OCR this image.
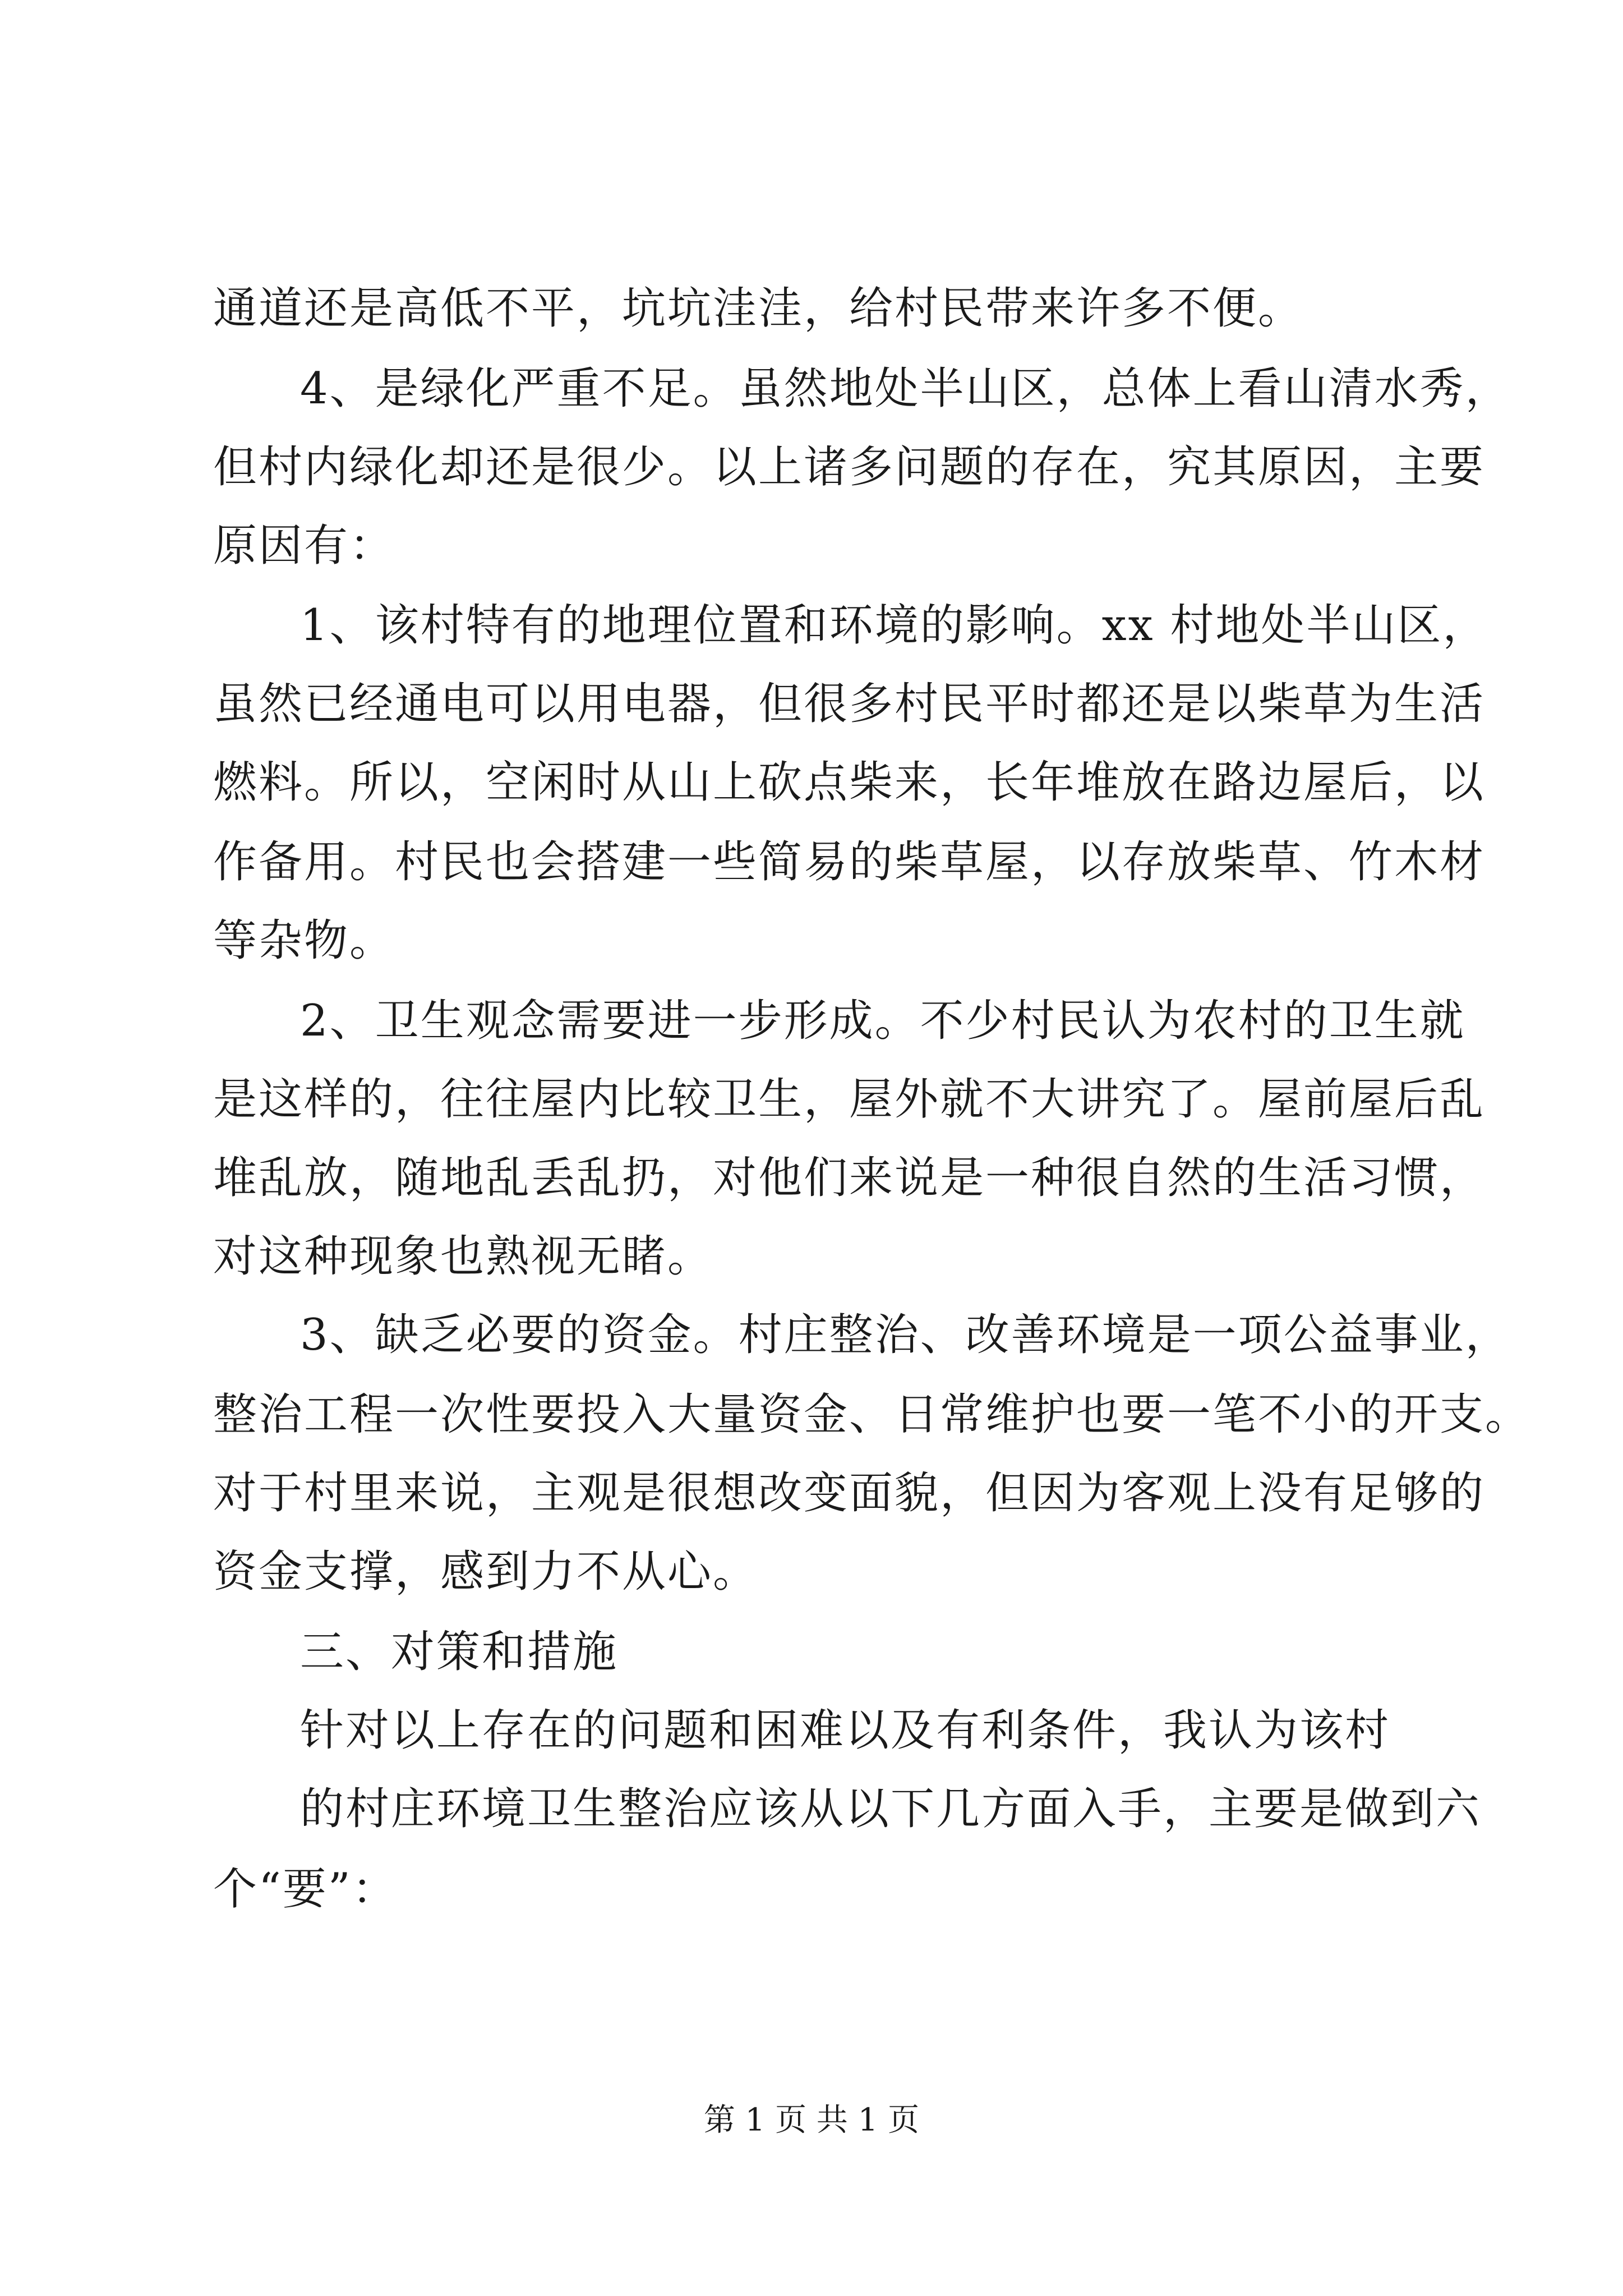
通道还是高低不平，坑坑洼洼，给村民带来许多不便。
4、是绿化严重不足。虽然地处半山区，总体上看山清水秀，
但村内绿化却还是很少。以上诸多问题的存在，究其原因，主要
原因有：
1、该村特有的地理位置和环境的影响。xx 村地处半山区，
虽然已经通电可以用电器，但很多村民平时都还是以柴草为生活
燃料。所以，空闲时从山上砍点柴来，长年堆放在路边屋后，以
作备用。村民也会搭建一些简易的柴草屋，以存放柴草、竹木材
等杂物。
2、卫生观念需要进一步形成。不少村民认为农村的卫生就
是这样的，往往屋内比较卫生，屋外就不大讲究了。屋前屋后乱
堆乱放，随地乱丢乱扔，对他们来说是一种很自然的生活习惯，
对这种现象也熟视无睹。
3、缺乏必要的资金。村庄整治、改善环境是一项公益事业，
整治工程一次性要投入大量资金、日常维护也要一笔不小的开支。
对于村里来说，主观是很想改变面貌，但因为客观上没有足够的
资金支撑，感到力不从心。
三、对策和措施
针对以上存在的问题和困难以及有利条件，我认为该村
的村庄环境卫生整治应该从以下几方面入手，主要是做到六
个“要”：
第 1 页 共 1 页
